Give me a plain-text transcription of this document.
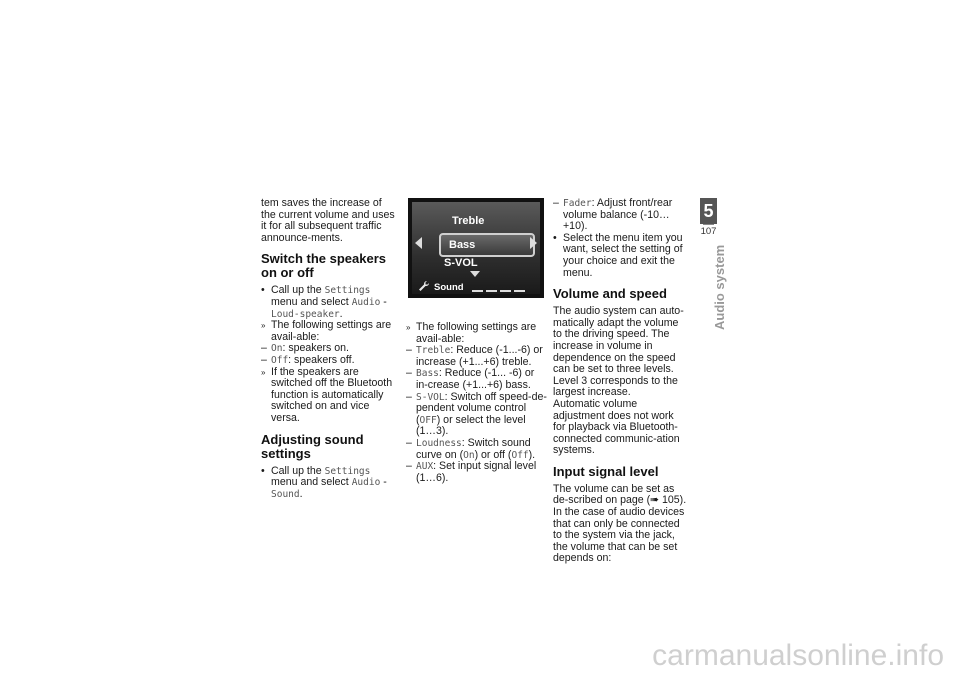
tem saves the increase of the current volume and uses it for all subsequent traffic announce-ments.

Switch the speakers on or off

• Call up the Settings menu and select Audio - Loud-speaker.

» The following settings are avail-able:

– On: speakers on.

– Off: speakers off.

» If the speakers are switched off the Bluetooth function is automatically switched on and vice versa.

Adjusting sound settings

• Call up the Settings menu and select Audio - Sound.

Treble
Bass
S-VOL
Sound

» The following settings are avail-able:

– Treble: Reduce (-1...-6) or increase (+1...+6) treble.

– Bass: Reduce (-1... -6) or in-crease (+1...+6) bass.

– S-VOL: Switch off speed-de-pendent volume control (OFF) or select the level (1…3).

– Loudness: Switch sound curve on (On) or off (Off).

– AUX: Set input signal level (1…6).

– Fader: Adjust front/rear volume balance (-10…+10).

• Select the menu item you want, select the setting of your choice and exit the menu.

Volume and speed

The audio system can auto-matically adapt the volume to the driving speed. The increase in volume in dependence on the speed can be set to three levels. Level 3 corresponds to the largest increase.

Automatic volume adjustment does not work for playback via Bluetooth-connected communic-ation systems.

Input signal level

The volume can be set as de-scribed on page (➠ 105).

In the case of audio devices that can only be connected to the system via the jack, the volume that can be set depends on:

5
107
Audio system
carmanualsonline.info
